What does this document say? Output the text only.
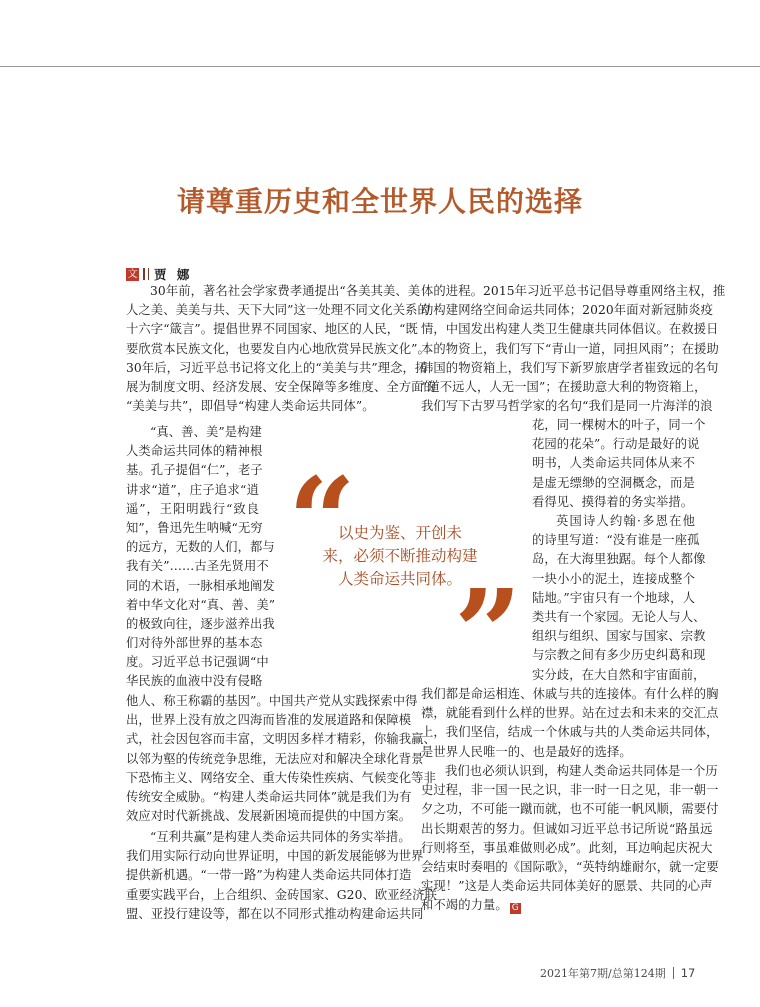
请尊重历史和全世界人民的选择
文 贾 娜
30年前，著名社会学家费孝通提出“各美其美、美
人之美、美美与共、天下大同”这一处理不同文化关系的
十六字“箴言”。提倡世界不同国家、地区的人民，“既
要欣赏本民族文化，也要发自内心地欣赏异民族文化”。
30年后，习近平总书记将文化上的“美美与共”理念，拓
展为制度文明、经济发展、安全保障等多维度、全方面的
“美美与共”，即倡导“构建人类命运共同体”。
“真、善、美”是构建
人类命运共同体的精神根
基。孔子提倡“仁”，老子
讲求“道”，庄子追求“逍
遥”，王阳明践行“致良
知”，鲁迅先生呐喊“无穷
的远方，无数的人们，都与
我有关”……古圣先贤用不
同的术语，一脉相承地阐发
着中华文化对“真、善、美”
的极致向往，逐步滋养出我
们对待外部世界的基本态
度。习近平总书记强调“中
华民族的血液中没有侵略
他人、称王称霸的基因”。中国共产党从实践探索中得
出，世界上没有放之四海而皆准的发展道路和保障模
式，社会因包容而丰富，文明因多样才精彩，你输我赢、
以邻为壑的传统竞争思维，无法应对和解决全球化背景
下恐怖主义、网络安全、重大传染性疾病、气候变化等非
传统安全威胁。“构建人类命运共同体”就是我们为有
效应对时代新挑战、发展新困境而提供的中国方案。
“互利共赢”是构建人类命运共同体的务实举措。
我们用实际行动向世界证明，中国的新发展能够为世界
提供新机遇。“一带一路”为构建人类命运共同体打造
重要实践平台，上合组织、金砖国家、G20、欧亚经济联
盟、亚投行建设等，都在以不同形式推动构建命运共同
体的进程。2015年习近平总书记倡导尊重网络主权，推
动构建网络空间命运共同体；2020年面对新冠肺炎疫
情，中国发出构建人类卫生健康共同体倡议。在救援日
本的物资上，我们写下“青山一道，同担风雨”；在援助
韩国的物资箱上，我们写下新罗旅唐学者崔致远的名句
“道不远人，人无一国”；在援助意大利的物资箱上，
我们写下古罗马哲学家的名句“我们是同一片海洋的浪
花，同一棵树木的叶子，同一个
花园的花朵”。行动是最好的说
明书，人类命运共同体从来不
是虚无缥缈的空洞概念，而是
看得见、摸得着的务实举措。
英国诗人约翰·多恩在他
的诗里写道：“没有谁是一座孤
岛，在大海里独踞。每个人都像
一块小小的泥土，连接成整个
陆地。”宇宙只有一个地球，人
类共有一个家园。无论人与人、
组织与组织、国家与国家、宗教
与宗教之间有多少历史纠葛和现
实分歧，在大自然和宇宙面前，
我们都是命运相连、休戚与共的连接体。有什么样的胸
襟，就能看到什么样的世界。站在过去和未来的交汇点
上，我们坚信，结成一个休戚与共的人类命运共同体，
是世界人民唯一的、也是最好的选择。
我们也必须认识到，构建人类命运共同体是一个历
史过程，非一国一民之识，非一时一日之见，非一朝一
夕之功，不可能一蹴而就，也不可能一帆风顺，需要付
出长期艰苦的努力。但诚如习近平总书记所说“路虽远
行则将至，事虽难做则必成”。此刻，耳边响起庆祝大
会结束时奏唱的《国际歌》，“英特纳雄耐尔，就一定要
实现！”这是人类命运共同体美好的愿景、共同的心声
和不竭的力量。 G
“
以史为鉴、开创未
来，必须不断推动构建
人类命运共同体。
”
2021年第7期/总第124期 17
